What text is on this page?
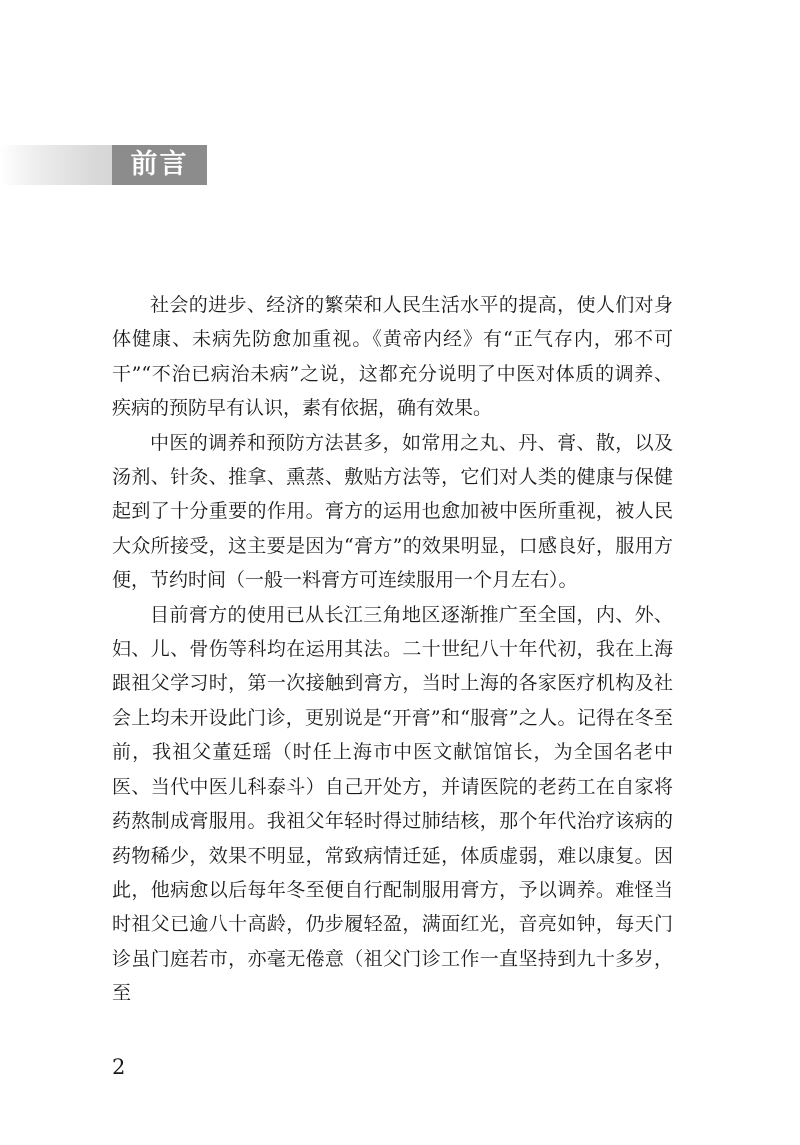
前言

社会的进步、经济的繁荣和人民生活水平的提高，使人们对身体健康、未病先防愈加重视。《黄帝内经》有“正气存内，邪不可干”“不治已病治未病”之说，这都充分说明了中医对体质的调养、疾病的预防早有认识，素有依据，确有效果。

中医的调养和预防方法甚多，如常用之丸、丹、膏、散，以及汤剂、针灸、推拿、熏蒸、敷贴方法等，它们对人类的健康与保健起到了十分重要的作用。膏方的运用也愈加被中医所重视，被人民大众所接受，这主要是因为“膏方”的效果明显，口感良好，服用方便，节约时间（一般一料膏方可连续服用一个月左右）。

目前膏方的使用已从长江三角地区逐渐推广至全国，内、外、妇、儿、骨伤等科均在运用其法。二十世纪八十年代初，我在上海跟祖父学习时，第一次接触到膏方，当时上海的各家医疗机构及社会上均未开设此门诊，更别说是“开膏”和“服膏”之人。记得在冬至前，我祖父董廷瑶（时任上海市中医文献馆馆长，为全国名老中医、当代中医儿科泰斗）自己开处方，并请医院的老药工在自家将药熬制成膏服用。我祖父年轻时得过肺结核，那个年代治疗该病的药物稀少，效果不明显，常致病情迁延，体质虚弱，难以康复。因此，他病愈以后每年冬至便自行配制服用膏方，予以调养。难怪当时祖父已逾八十高龄，仍步履轻盈，满面红光，音亮如钟，每天门诊虽门庭若市，亦毫无倦意（祖父门诊工作一直坚持到九十多岁，至

2
